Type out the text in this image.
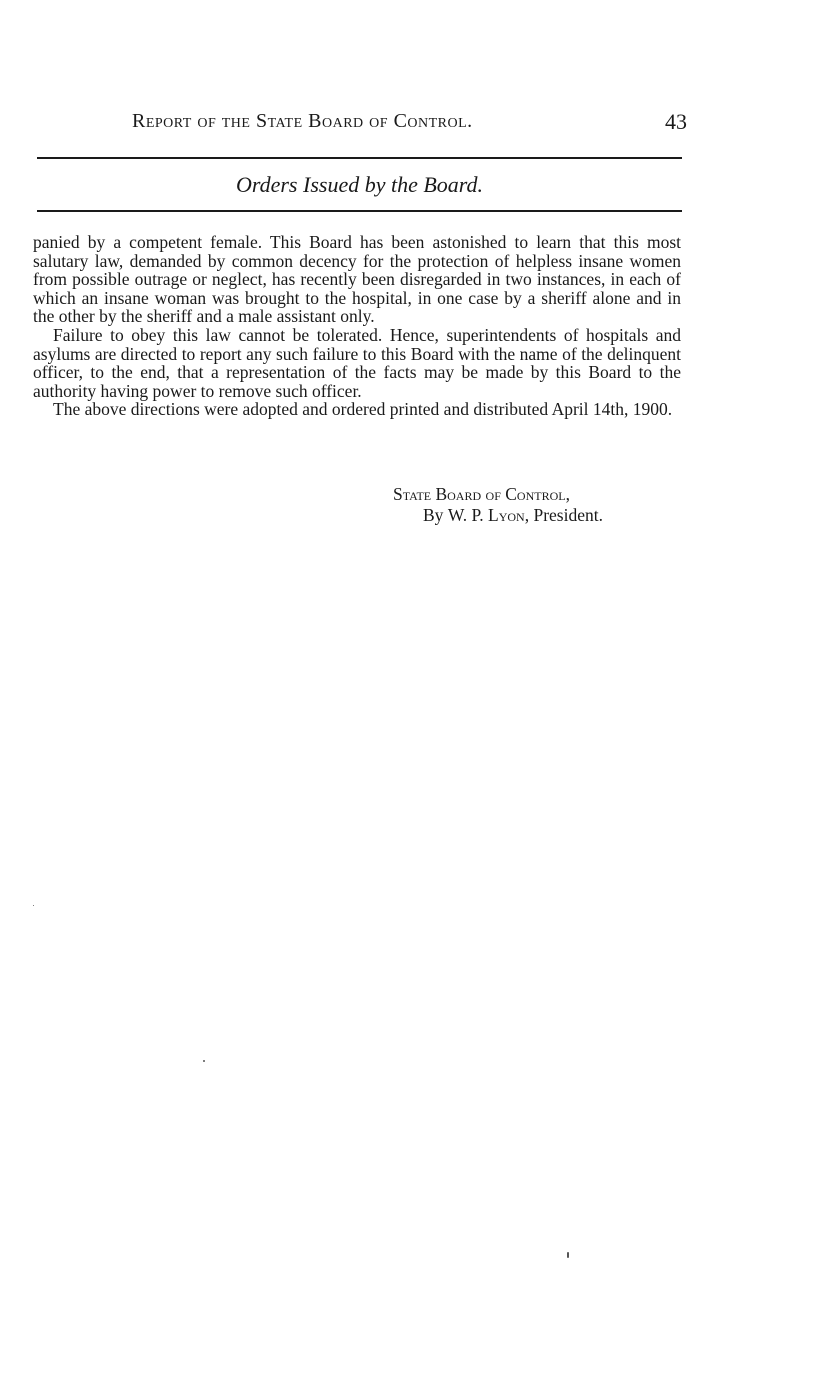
Report of the State Board of Control.	43
Orders Issued by the Board.

panied by a competent female. This Board has been astonished to learn that this most salutary law, demanded by common decency for the protection of helpless insane women from possible outrage or neglect, has recently been disregarded in two instances, in each of which an insane woman was brought to the hospital, in one case by a sheriff alone and in the other by the sheriff and a male assistant only.

Failure to obey this law cannot be tolerated. Hence, superintendents of hospitals and asylums are directed to report any such failure to this Board with the name of the delinquent officer, to the end, that a representation of the facts may be made by this Board to the authority having power to remove such officer.

The above directions were adopted and ordered printed and distributed April 14th, 1900.

State Board of Control,
By W. P. Lyon, President.
